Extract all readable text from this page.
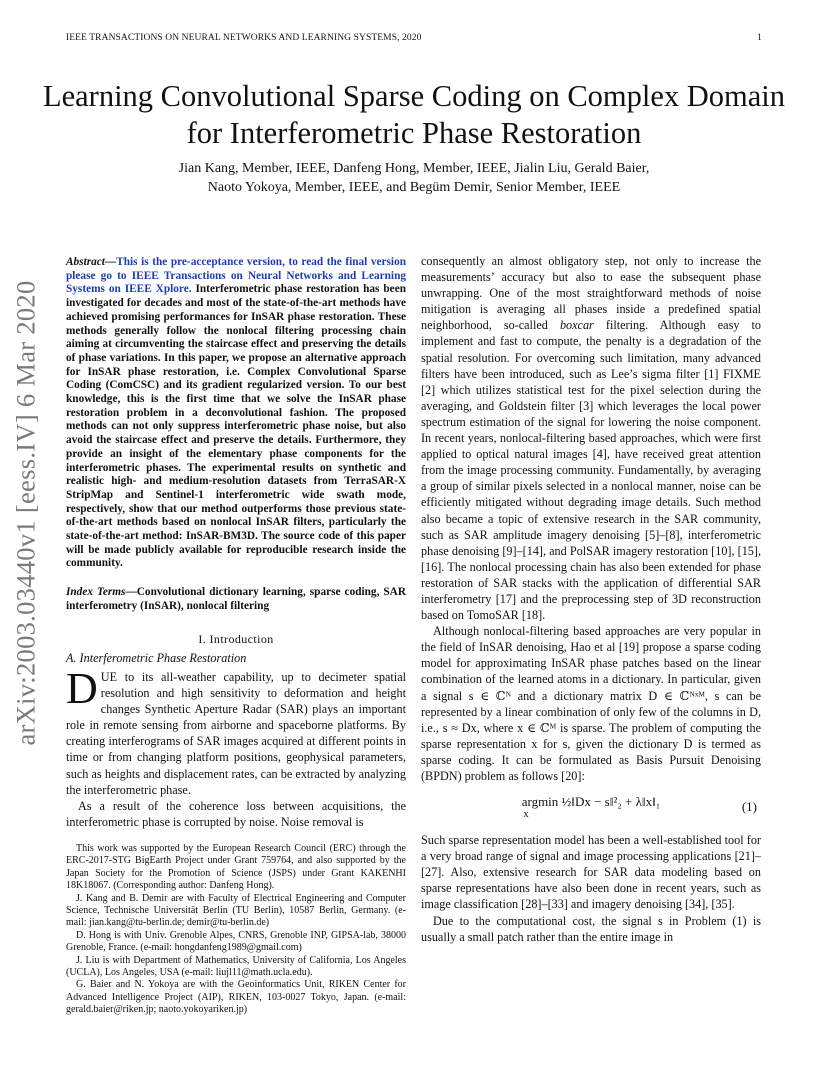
IEEE TRANSACTIONS ON NEURAL NETWORKS AND LEARNING SYSTEMS, 2020	1
Learning Convolutional Sparse Coding on Complex Domain for Interferometric Phase Restoration
Jian Kang, Member, IEEE, Danfeng Hong, Member, IEEE, Jialin Liu, Gerald Baier,
Naoto Yokoya, Member, IEEE, and Begüm Demir, Senior Member, IEEE
arXiv:2003.03440v1 [eess.IV] 6 Mar 2020
Abstract—This is the pre-acceptance version, to read the final version please go to IEEE Transactions on Neural Networks and Learning Systems on IEEE Xplore. Interferometric phase restoration has been investigated for decades and most of the state-of-the-art methods have achieved promising performances for InSAR phase restoration. These methods generally follow the nonlocal filtering processing chain aiming at circumventing the staircase effect and preserving the details of phase variations. In this paper, we propose an alternative approach for InSAR phase restoration, i.e. Complex Convolutional Sparse Coding (ComCSC) and its gradient regularized version. To our best knowledge, this is the first time that we solve the InSAR phase restoration problem in a deconvolutional fashion. The proposed methods can not only suppress interferometric phase noise, but also avoid the staircase effect and preserve the details. Furthermore, they provide an insight of the elementary phase components for the interferometric phases. The experimental results on synthetic and realistic high- and medium-resolution datasets from TerraSAR-X StripMap and Sentinel-1 interferometric wide swath mode, respectively, show that our method outperforms those previous state-of-the-art methods based on nonlocal InSAR filters, particularly the state-of-the-art method: InSAR-BM3D. The source code of this paper will be made publicly available for reproducible research inside the community.
Index Terms—Convolutional dictionary learning, sparse coding, SAR interferometry (InSAR), nonlocal filtering
I. Introduction
A. Interferometric Phase Restoration

DUE to its all-weather capability, up to decimeter spatial resolution and high sensitivity to deformation and height changes Synthetic Aperture Radar (SAR) plays an important role in remote sensing from airborne and spaceborne platforms. By creating interferograms of SAR images acquired at different points in time or from changing platform positions, geophysical parameters, such as heights and displacement rates, can be extracted by analyzing the interferometric phase.

As a result of the coherence loss between acquisitions, the interferometric phase is corrupted by noise. Noise removal is

This work was supported by the European Research Council (ERC) through the ERC-2017-STG BigEarth Project under Grant 759764, and also supported by the Japan Society for the Promotion of Science (JSPS) under Grant KAKENHI 18K18067. (Corresponding author: Danfeng Hong).

J. Kang and B. Demir are with Faculty of Electrical Engineering and Computer Science, Technische Universität Berlin (TU Berlin), 10587 Berlin, Germany. (e-mail: jian.kang@tu-berlin.de; demir@tu-berlin.de)

D. Hong is with Univ. Grenoble Alpes, CNRS, Grenoble INP, GIPSA-lab, 38000 Grenoble, France. (e-mail: hongdanfeng1989@gmail.com)

J. Liu is with Department of Mathematics, University of California, Los Angeles (UCLA), Los Angeles, USA (e-mail: liujl11@math.ucla.edu).

G. Baier and N. Yokoya are with the Geoinformatics Unit, RIKEN Center for Advanced Intelligence Project (AIP), RIKEN, 103-0027 Tokyo, Japan. (e-mail: gerald.baier@riken.jp; naoto.yokoyariken.jp)

consequently an almost obligatory step, not only to increase the measurements’ accuracy but also to ease the subsequent phase unwrapping. One of the most straightforward methods of noise mitigation is averaging all phases inside a predefined spatial neighborhood, so-called boxcar filtering. Although easy to implement and fast to compute, the penalty is a degradation of the spatial resolution. For overcoming such limitation, many advanced filters have been introduced, such as Lee’s sigma filter [1] FIXME [2] which utilizes statistical test for the pixel selection during the averaging, and Goldstein filter [3] which leverages the local power spectrum estimation of the signal for lowering the noise component. In recent years, nonlocal-filtering based approaches, which were first applied to optical natural images [4], have received great attention from the image processing community. Fundamentally, by averaging a group of similar pixels selected in a nonlocal manner, noise can be efficiently mitigated without degrading image details. Such method also became a topic of extensive research in the SAR community, such as SAR amplitude imagery denoising [5]–[8], interferometric phase denoising [9]–[14], and PolSAR imagery restoration [10], [15], [16]. The nonlocal processing chain has also been extended for phase restoration of SAR stacks with the application of differential SAR interferometry [17] and the preprocessing step of 3D reconstruction based on TomoSAR [18].

Although nonlocal-filtering based approaches are very popular in the field of InSAR denoising, Hao et al [19] propose a sparse coding model for approximating InSAR phase patches based on the linear combination of the learned atoms in a dictionary. In particular, given a signal s ∈ ℂᴺ and a dictionary matrix D ∈ ℂᴺˣᴹ, s can be represented by a linear combination of only few of the columns in D, i.e., s ≈ Dx, where x ∈ ℂᴹ is sparse. The problem of computing the sparse representation x for s, given the dictionary D is termed as sparse coding. It can be formulated as Basis Pursuit Denoising (BPDN) problem as follows [20]:

argmin ½‖Dx − s‖²₂ + λ‖x‖₁
x
(1)

Such sparse representation model has been a well-established tool for a very broad range of signal and image processing applications [21]–[27]. Also, extensive research for SAR data modeling based on sparse representations have also been done in recent years, such as image classification [28]–[33] and imagery denoising [34], [35].

Due to the computational cost, the signal s in Problem (1) is usually a small patch rather than the entire image in
